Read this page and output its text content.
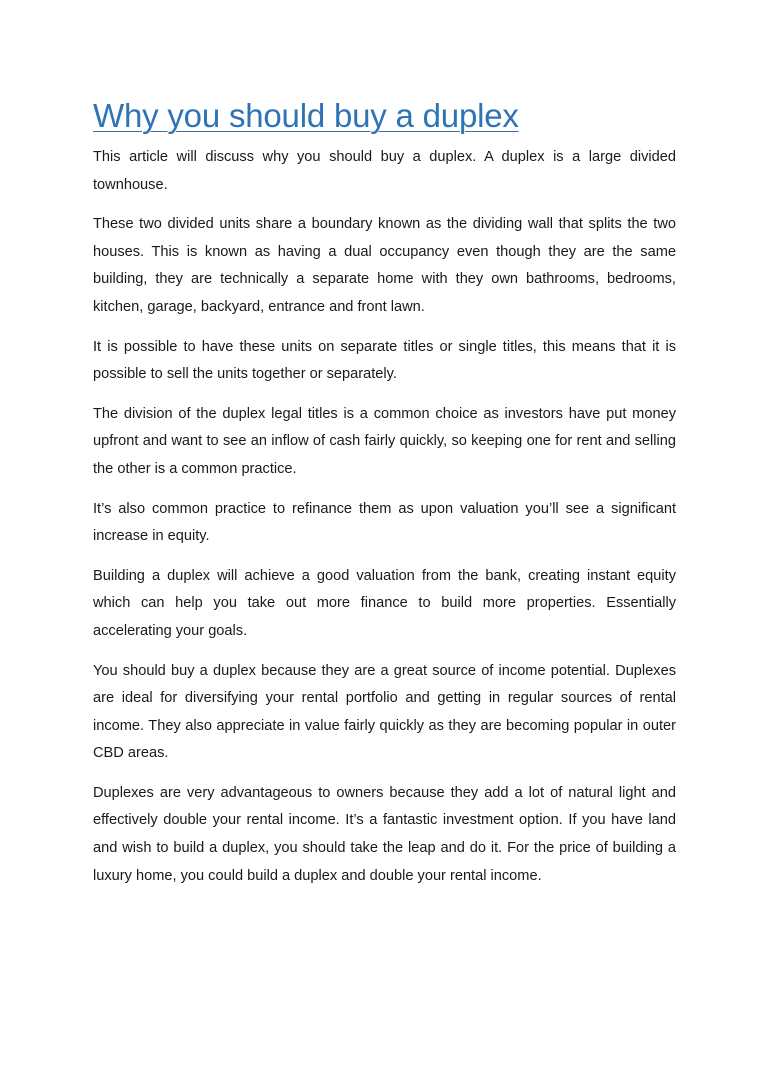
Why you should buy a duplex

This article will discuss why you should buy a duplex. A duplex is a large divided townhouse.

These two divided units share a boundary known as the dividing wall that splits the two houses. This is known as having a dual occupancy even though they are the same building, they are technically a separate home with they own bathrooms, bedrooms, kitchen, garage, backyard, entrance and front lawn.

It is possible to have these units on separate titles or single titles, this means that it is possible to sell the units together or separately.

The division of the duplex legal titles is a common choice as investors have put money upfront and want to see an inflow of cash fairly quickly, so keeping one for rent and selling the other is a common practice.

It’s also common practice to refinance them as upon valuation you’ll see a significant increase in equity.

Building a duplex will achieve a good valuation from the bank, creating instant equity which can help you take out more finance to build more properties. Essentially accelerating your goals.

You should buy a duplex because they are a great source of income potential. Duplexes are ideal for diversifying your rental portfolio and getting in regular sources of rental income. They also appreciate in value fairly quickly as they are becoming popular in outer CBD areas.

Duplexes are very advantageous to owners because they add a lot of natural light and effectively double your rental income. It’s a fantastic investment option. If you have land and wish to build a duplex, you should take the leap and do it. For the price of building a luxury home, you could build a duplex and double your rental income.
